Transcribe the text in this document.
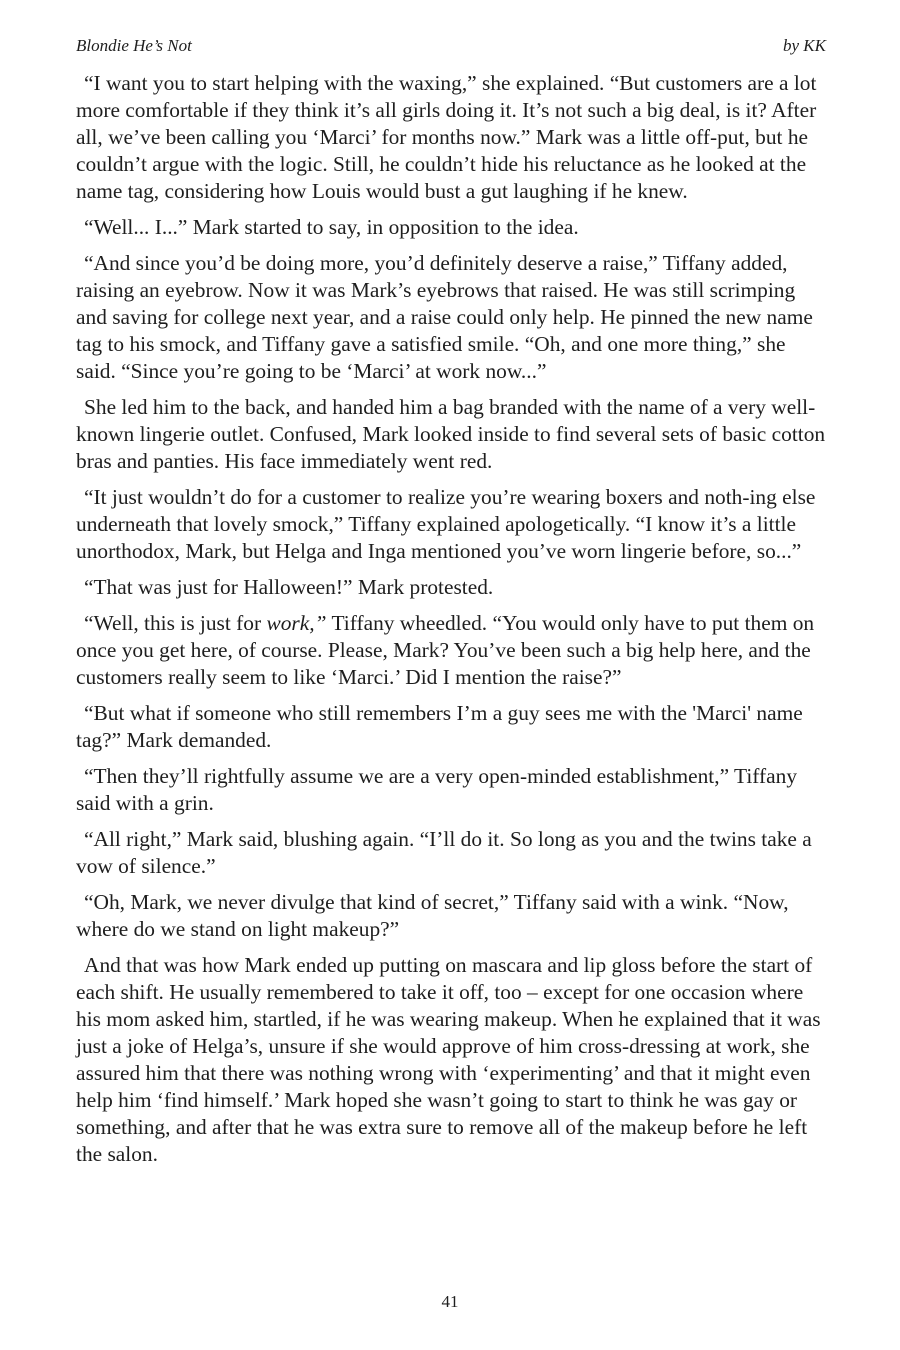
Blondie He’s Not	by KK

“I want you to start helping with the waxing,” she explained. “But customers are a lot more comfortable if they think it’s all girls doing it. It’s not such a big deal, is it? After all, we’ve been calling you ‘Marci’ for months now.” Mark was a little off-put, but he couldn’t argue with the logic. Still, he couldn’t hide his reluctance as he looked at the name tag, considering how Louis would bust a gut laughing if he knew.

“Well... I...” Mark started to say, in opposition to the idea.

“And since you’d be doing more, you’d definitely deserve a raise,” Tiffany added, raising an eyebrow. Now it was Mark’s eyebrows that raised. He was still scrimping and saving for college next year, and a raise could only help. He pinned the new name tag to his smock, and Tiffany gave a satisfied smile. “Oh, and one more thing,” she said. “Since you’re going to be ‘Marci’ at work now...”

She led him to the back, and handed him a bag branded with the name of a very well-known lingerie outlet. Confused, Mark looked inside to find several sets of basic cotton bras and panties. His face immediately went red.

“It just wouldn’t do for a customer to realize you’re wearing boxers and noth-ing else underneath that lovely smock,” Tiffany explained apologetically. “I know it’s a little unorthodox, Mark, but Helga and Inga mentioned you’ve worn lingerie before, so...”

“That was just for Halloween!” Mark protested.

“Well, this is just for work,” Tiffany wheedled. “You would only have to put them on once you get here, of course. Please, Mark? You’ve been such a big help here, and the customers really seem to like ‘Marci.’ Did I mention the raise?”

“But what if someone who still remembers I’m a guy sees me with the 'Marci' name tag?” Mark demanded.

“Then they’ll rightfully assume we are a very open-minded establishment,” Tiffany said with a grin.

“All right,” Mark said, blushing again. “I’ll do it. So long as you and the twins take a vow of silence.”

“Oh, Mark, we never divulge that kind of secret,” Tiffany said with a wink. “Now, where do we stand on light makeup?”

And that was how Mark ended up putting on mascara and lip gloss before the start of each shift. He usually remembered to take it off, too – except for one occasion where his mom asked him, startled, if he was wearing makeup. When he explained that it was just a joke of Helga’s, unsure if she would approve of him cross-dressing at work, she assured him that there was nothing wrong with ‘experimenting’ and that it might even help him ‘find himself.’ Mark hoped she wasn’t going to start to think he was gay or something, and after that he was extra sure to remove all of the makeup before he left the salon.

41
